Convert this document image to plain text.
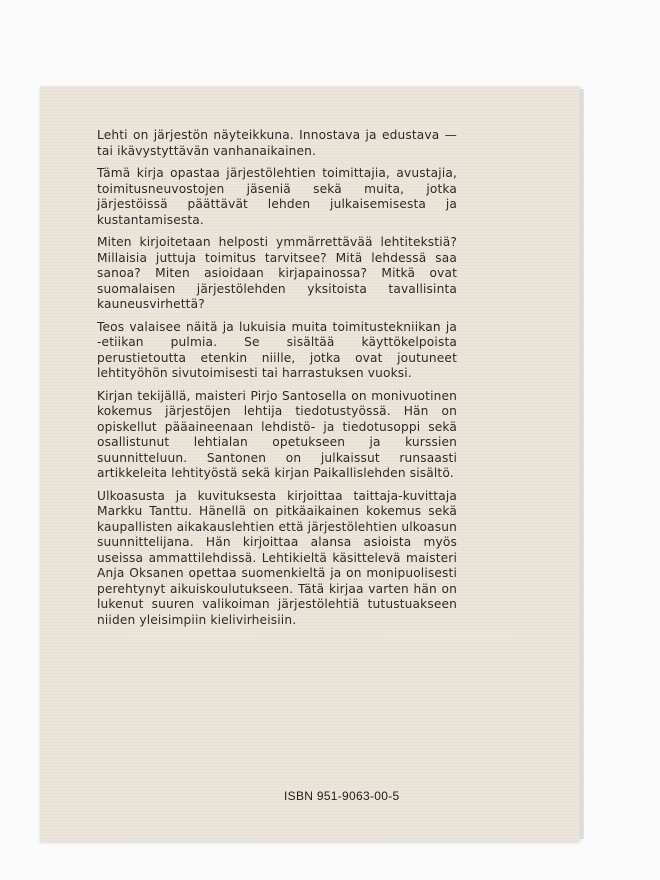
Lehti on järjestön näyteikkuna. Innostava ja edustava — tai ikävystyttävän vanhanaikainen.

Tämä kirja opastaa järjestölehtien toimittajia, avustajia, toimitusneuvostojen jäseniä sekä muita, jotka järjestöissä päättävät lehden julkaisemisesta ja kustantamisesta.

Miten kirjoitetaan helposti ymmärrettävää lehtitekstiä? Millaisia juttuja toimitus tarvitsee? Mitä lehdessä saa sanoa? Miten asioidaan kirjapainossa? Mitkä ovat suomalaisen järjestölehden yksitoista tavallisinta kauneusvirhettä?

Teos valaisee näitä ja lukuisia muita toimitustekniikan ja -etiikan pulmia. Se sisältää käyttökelpoista perustietoutta etenkin niille, jotka ovat joutuneet lehtityöhön sivutoimisesti tai harrastuksen vuoksi.

Kirjan tekijällä, maisteri Pirjo Santosella on monivuotinen kokemus järjestöjen lehtija tiedotustyössä. Hän on opiskellut pääaineenaan lehdistö- ja tiedotusoppi sekä osallistunut lehtialan opetukseen ja kurssien suunnitteluun. Santonen on julkaissut runsaasti artikkeleita lehtityöstä sekä kirjan Paikallislehden sisältö.

Ulkoasusta ja kuvituksesta kirjoittaa taittaja-kuvittaja Markku Tanttu. Hänellä on pitkäaikainen kokemus sekä kaupallisten aikakauslehtien että järjestölehtien ulkoasun suunnittelijana. Hän kirjoittaa alansa asioista myös useissa ammattilehdissä. Lehtikieltä käsittelevä maisteri Anja Oksanen opettaa suomenkieltä ja on monipuolisesti perehtynyt aikuiskoulutukseen. Tätä kirjaa varten hän on lukenut suuren valikoiman järjestölehtiä tutustuakseen niiden yleisimpiin kielivirheisiin.

ISBN 951-9063-00-5
